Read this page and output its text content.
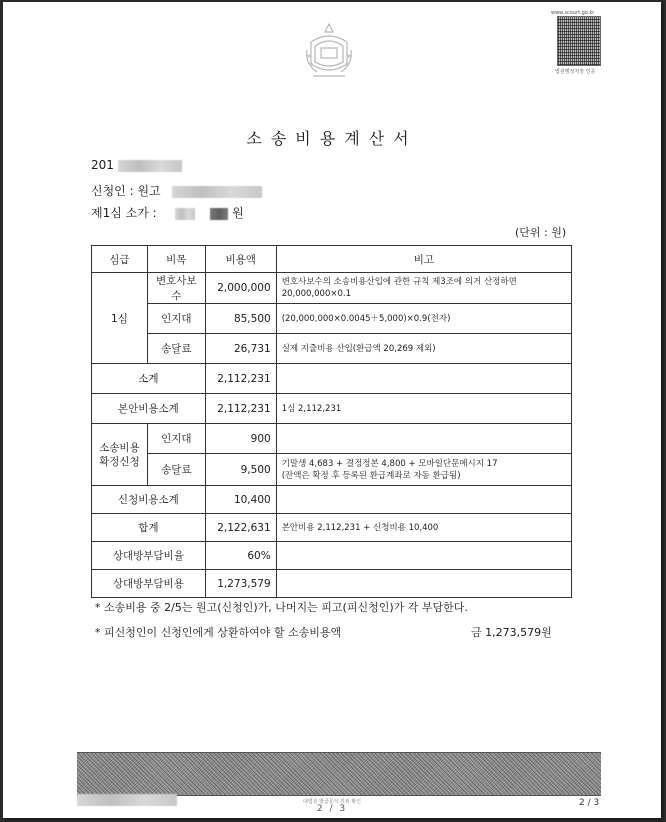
www.scourt.go.kr
법원행정처장 인증
소송비용계산서
201
신청인 : 원고
제1심 소가 :	원
(단위 : 원)
심급	비목	비용액	비고
1심	변호사보수	2,000,000	변호사보수의 소송비용산입에 관한 규칙 제3조에 의거 산정하면 20,000,000×0.1
	인지대	85,500	(20,000,000×0.0045＋5,000)×0.9(전자)
	송달료	26,731	실제 지출비용 산입(환급액 20,269 제외)
소계		2,112,231	
본안비용소계		2,112,231	1심 2,112,231
소송비용
확정신청	인지대	900	
	송달료	9,500	기말생 4,683 + 결정정본 4,800 + 모바일단문메시지 17
(잔액은 확정 후 등록된 환급계좌로 자동 환급됨)
신청비용소계		10,400	
합계		2,122,631	본안비용 2,112,231 + 신청비용 10,400
상대방부담비율		60%	
상대방부담비용		1,273,579	
* 소송비용 중 2/5는 원고(신청인)가, 나머지는 피고(피신청인)가 각 부담한다.
* 피신청인이 신청인에게 상환하여야 할 소송비용액	금 1,273,579원
대법원 발급문서 진위 확인
2 / 3
2 / 3
